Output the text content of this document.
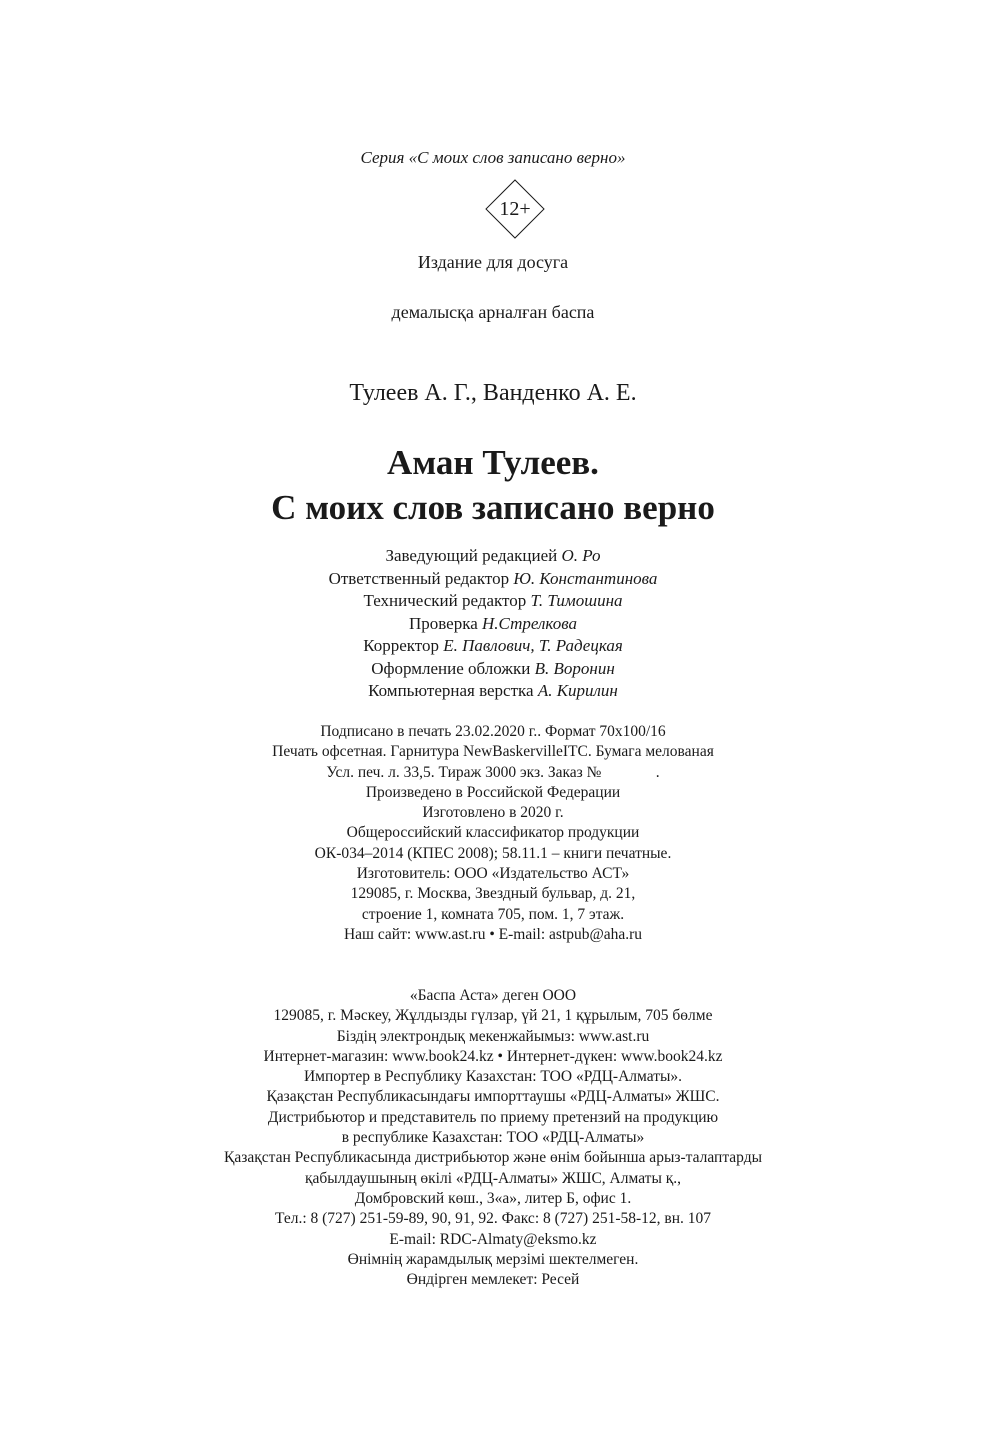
Серия «С моих слов записано верно»
12+
Издание для досуга
демалысқа арналған баспа
Тулеев А. Г., Ванденко А. Е.
Аман Тулеев.
С моих слов записано верно
Заведующий редакцией О. Ро
Ответственный редактор Ю. Константинова
Технический редактор Т. Тимошина
Проверка Н.Стрелкова
Корректор Е. Павлович, Т. Радецкая
Оформление обложки В. Воронин
Компьютерная верстка А. Кирилин
Подписано в печать 23.02.2020 г.. Формат 70x100/16
Печать офсетная. Гарнитура NewBaskervilleITC. Бумага мелованая
Усл. печ. л. 33,5. Тираж 3000 экз. Заказ №              .
Произведено в Российской Федерации
Изготовлено в 2020 г.
Общероссийский классификатор продукции
ОК-034–2014 (КПЕС 2008); 58.11.1 – книги печатные.
Изготовитель: ООО «Издательство АСТ»
129085, г. Москва, Звездный бульвар, д. 21,
строение 1, комната 705, пом. 1, 7 этаж.
Наш сайт: www.ast.ru • E-mail: astpub@aha.ru
«Баспа Аста» деген ООО
129085, г. Мәскеу, Жұлдызды гүлзар, үй 21, 1 құрылым, 705 бөлме
Біздің электрондық мекенжайымыз: www.ast.ru
Интернет-магазин: www.book24.kz • Интернет-дүкен: www.book24.kz
Импортер в Республику Казахстан: ТОО «РДЦ-Алматы».
Қазақстан Республикасындағы импорттаушы «РДЦ-Алматы» ЖШС.
Дистрибьютор и представитель по приему претензий на продукцию
в республике Казахстан: ТОО «РДЦ-Алматы»
Қазақстан Республикасында дистрибьютор және өнім бойынша арыз-талаптарды
қабылдаушының өкілі «РДЦ-Алматы» ЖШС, Алматы қ.,
Домбровский көш., 3«а», литер Б, офис 1.
Тел.: 8 (727) 251-59-89, 90, 91, 92. Факс: 8 (727) 251-58-12, вн. 107
E-mail: RDC-Almaty@eksmo.kz
Өнімнің жарамдылық мерзімі шектелмеген.
Өндірген мемлекет: Ресей
